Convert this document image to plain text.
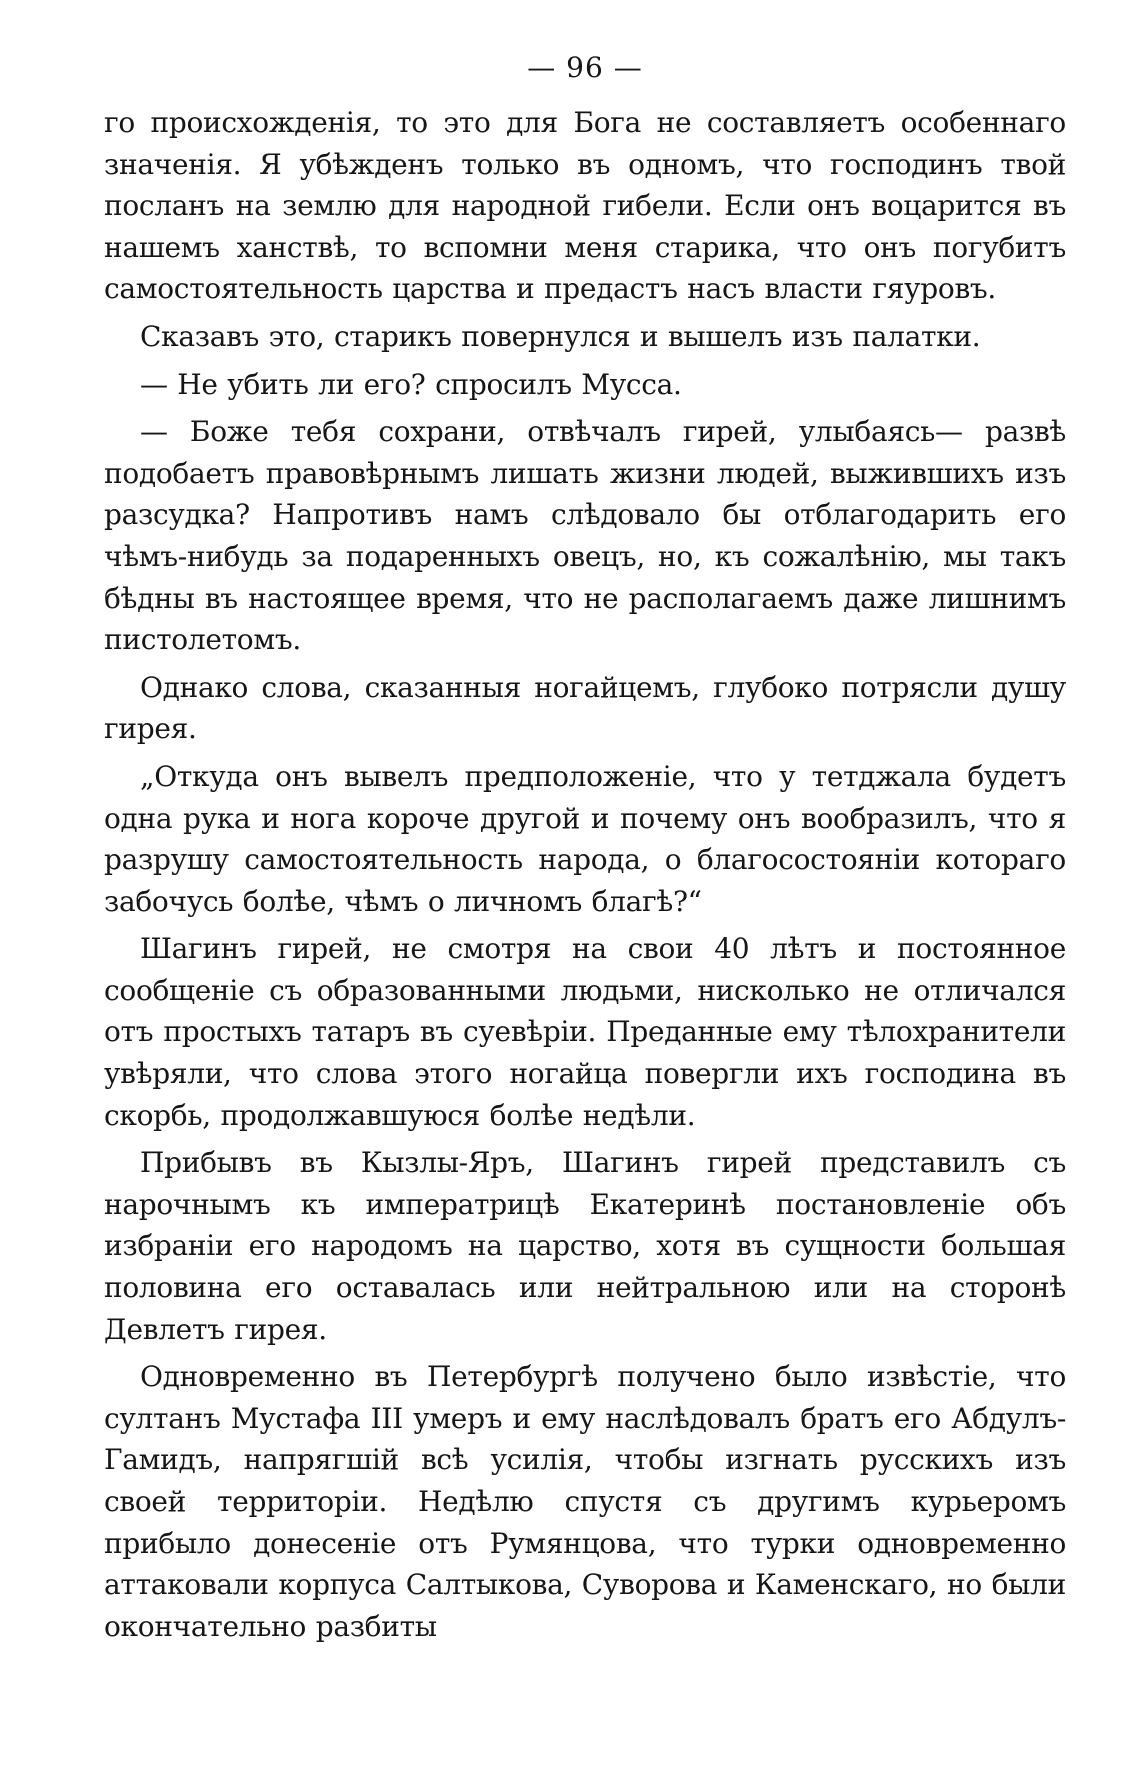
— 96 —

го происхожденія, то это для Бога не составляетъ особеннаго значенія. Я убѣжденъ только въ одномъ, что господинъ твой посланъ на землю для народной гибели. Если онъ воцарится въ нашемъ ханствѣ, то вспомни меня старика, что онъ погубитъ самостоятельность царства и предастъ насъ власти гяуровъ.

Сказавъ это, старикъ повернулся и вышелъ изъ палатки.

— Не убить ли его? спросилъ Мусса.

— Боже тебя сохрани, отвѣчалъ гирей, улыбаясь— развѣ подобаетъ правовѣрнымъ лишать жизни людей, выжившихъ изъ разсудка? Напротивъ намъ слѣдовало бы отблагодарить его чѣмъ-нибудь за подаренныхъ овецъ, но, къ сожалѣнію, мы такъ бѣдны въ настоящее время, что не располагаемъ даже лишнимъ пистолетомъ.

Однако слова, сказанныя ногайцемъ, глубоко потрясли душу гирея.

„Откуда онъ вывелъ предположеніе, что у тетджала будетъ одна рука и нога короче другой и почему онъ вообразилъ, что я разрушу самостоятельность народа, о благосостояніи котораго забочусь болѣе, чѣмъ о личномъ благѣ?“

Шагинъ гирей, не смотря на свои 40 лѣтъ и постоянное сообщеніе съ образованными людьми, нисколько не отличался отъ простыхъ татаръ въ суевѣріи. Преданные ему тѣлохранители увѣряли, что слова этого ногайца повергли ихъ господина въ скорбь, продолжавшуюся болѣе недѣли.

Прибывъ въ Кызлы-Яръ, Шагинъ гирей представилъ съ нарочнымъ къ императрицѣ Екатеринѣ постановленіе объ избраніи его народомъ на царство, хотя въ сущности большая половина его оставалась или нейтральною или на сторонѣ Девлетъ гирея.

Одновременно въ Петербургѣ получено было извѣстіе, что султанъ Мустафа III умеръ и ему наслѣдовалъ братъ его Абдулъ-Гамидъ, напрягшій всѣ усилія, чтобы изгнать русскихъ изъ своей территоріи. Недѣлю спустя съ другимъ курьеромъ прибыло донесеніе отъ Румянцова, что турки одновременно аттаковали корпуса Салтыкова, Суворова и Каменскаго, но были окончательно разбиты
